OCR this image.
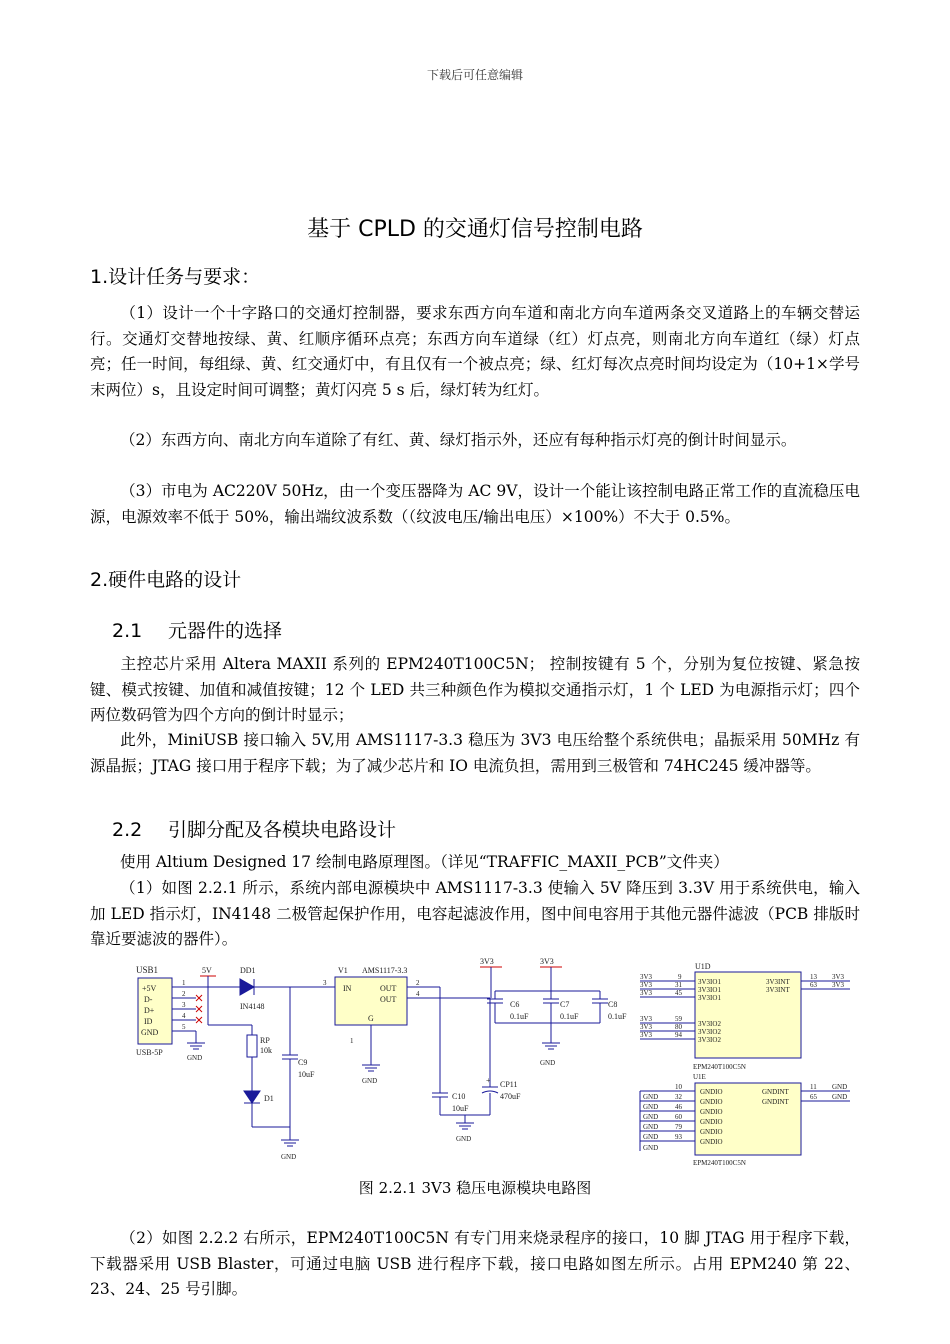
下载后可任意编辑
基于 CPLD 的交通灯信号控制电路
1.设计任务与要求：

（1）设计一个十字路口的交通灯控制器，要求东西方向车道和南北方向车道两条交叉道路上的车辆交替运行。交通灯交替地按绿、黄、红顺序循环点亮；东西方向车道绿（红）灯点亮，则南北方向车道红（绿）灯点亮；任一时间，每组绿、黄、红交通灯中，有且仅有一个被点亮；绿、红灯每次点亮时间均设定为（10+1×学号末两位）s，且设定时间可调整；黄灯闪亮 5 s 后，绿灯转为红灯。

（2）东西方向、南北方向车道除了有红、黄、绿灯指示外，还应有每种指示灯亮的倒计时间显示。

（3）市电为 AC220V 50Hz，由一个变压器降为 AC 9V，设计一个能让该控制电路正常工作的直流稳压电源，电源效率不低于 50%，输出端纹波系数（（纹波电压/输出电压）×100%）不大于 0.5%。

2.硬件电路的设计
2.1 元器件的选择

主控芯片采用 Altera MAXII 系列的 EPM240T100C5N； 控制按键有 5 个，分别为复位按键、紧急按键、模式按键、加值和减值按键；12 个 LED 共三种颜色作为模拟交通指示灯，1 个 LED 为电源指示灯；四个两位数码管为四个方向的倒计时显示；

此外，MiniUSB 接口输入 5V,用 AMS1117-3.3 稳压为 3V3 电压给整个系统供电；晶振采用 50MHz 有源晶振；JTAG 接口用于程序下载；为了减少芯片和 IO 电流负担，需用到三极管和 74HC245 缓冲器等。

2.2 引脚分配及各模块电路设计

使用 Altium Designed 17 绘制电路原理图。（详见“TRAFFIC_MAXII_PCB”文件夹）

（1）如图 2.2.1 所示，系统内部电源模块中 AMS1117-3.3 使输入 5V 降压到 3.3V 用于系统供电，输入加 LED 指示灯，IN4148 二极管起保护作用，电容起滤波作用，图中间电容用于其他元器件滤波（PCB 排版时靠近要滤波的器件）。

USB1
+5V
D-
D+
ID
GND
USB-5P
1
2
3
4
5
GND
5V	DD1
IN4148
RP
10k
D1
C9
10uF
GND
V1 AMS1117-3.3
3
IN	OUT
OUT
G
1
GND
2
4
C10
10uF
+ CP11
470uF
GND
3V3	3V3
C6
0.1uF
C7
0.1uF
C8
0.1uF
GND
U1D
3V3
3V3
3V3
3V3
3V3
3V3
9
31
45
59
80
94
3V3IO1
3V3IO1
3V3IO1
3V3IO2
3V3IO2
3V3IO2
3V3INT
3V3INT
13
63
3V3
3V3
EPM240T100C5N
U1E
10
32
46
60
79
93
GND
GND
GND
GND
GND
GND
GNDIO
GNDIO
GNDIO
GNDIO
GNDIO
GNDIO
GNDINT
GNDINT
11
65
GND
GND
EPM240T100C5N
图 2.2.1 3V3 稳压电源模块电路图

（2）如图 2.2.2 右所示，EPM240T100C5N 有专门用来烧录程序的接口，10 脚 JTAG 用于程序下载，下载器采用 USB Blaster，可通过电脑 USB 进行程序下载，接口电路如图左所示。占用 EPM240 第 22、23、24、25 号引脚。
